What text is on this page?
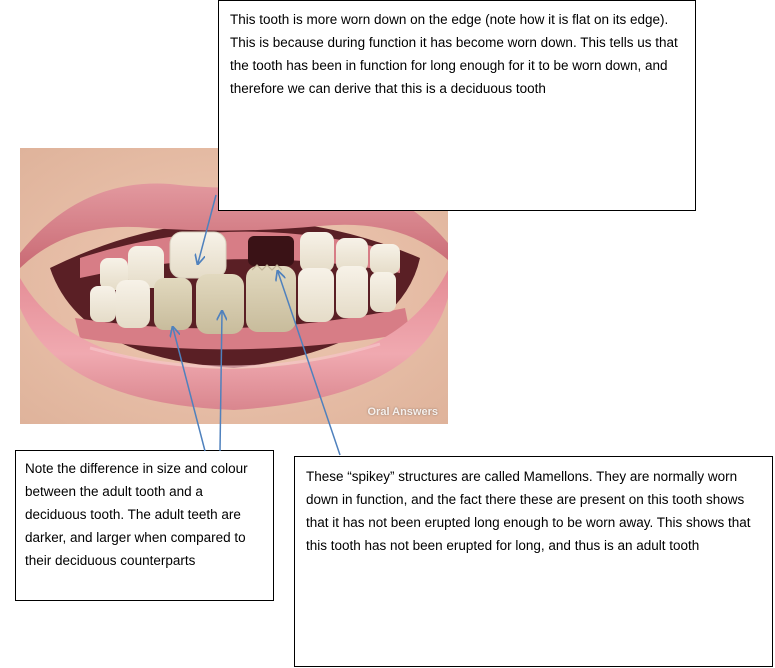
Oral Answers
This tooth is more worn down on the edge (note how it is flat on its edge). This is because during function it has become worn down. This tells us that the tooth has been in function for long enough for it to be worn down, and therefore we can derive that this is a deciduous tooth
Note the difference in size and colour between the adult tooth and a deciduous tooth. The adult teeth are darker, and larger when compared to their deciduous counterparts
These “spikey” structures are called Mamellons. They are normally worn down in function, and the fact there these are present on this tooth shows that it has not been erupted long enough to be worn away. This shows that this tooth has not been erupted for long, and thus is an adult tooth
